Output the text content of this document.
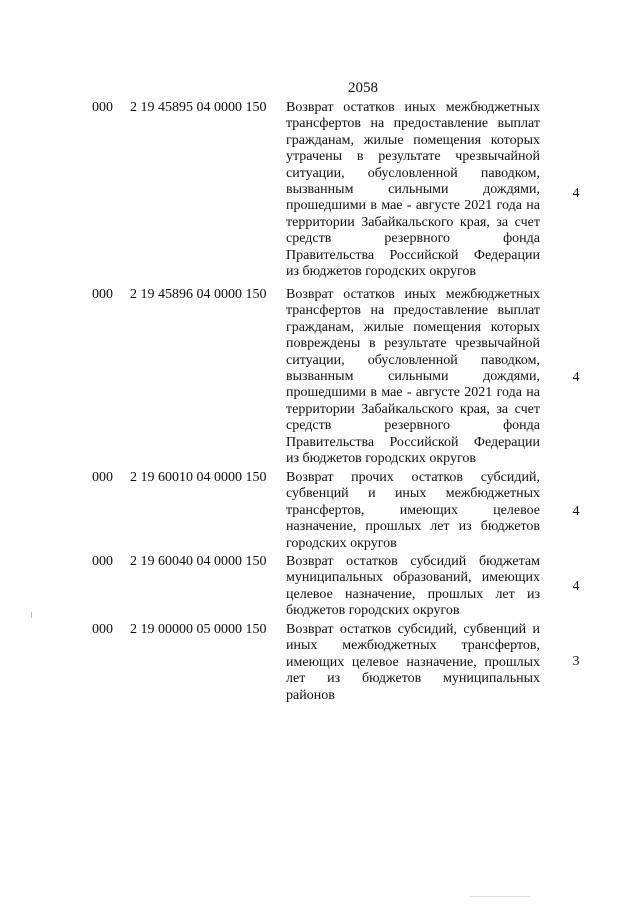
2058
000 2 19 45895 04 0000 150 Возврат остатков иных межбюджетных
трансфертов на предоставление выплат
гражданам, жилые помещения которых
утрачены в результате чрезвычайной
ситуации, обусловленной паводком,
вызванным сильными дождями,
прошедшими в мае - августе 2021 года на
территории Забайкальского края, за счет
средств резервного фонда
Правительства Российской Федерации
из бюджетов городских округов
4
000 2 19 45896 04 0000 150 Возврат остатков иных межбюджетных
трансфертов на предоставление выплат
гражданам, жилые помещения которых
повреждены в результате чрезвычайной
ситуации, обусловленной паводком,
вызванным сильными дождями,
прошедшими в мае - августе 2021 года на
территории Забайкальского края, за счет
средств резервного фонда
Правительства Российской Федерации
из бюджетов городских округов
4
000 2 19 60010 04 0000 150 Возврат прочих остатков субсидий,
субвенций и иных межбюджетных
трансфертов, имеющих целевое
назначение, прошлых лет из бюджетов
городских округов
4
000 2 19 60040 04 0000 150 Возврат остатков субсидий бюджетам
муниципальных образований, имеющих
целевое назначение, прошлых лет из
бюджетов городских округов
4
000 2 19 00000 05 0000 150 Возврат остатков субсидий, субвенций и
иных межбюджетных трансфертов,
имеющих целевое назначение, прошлых
лет из бюджетов муниципальных
районов
3
